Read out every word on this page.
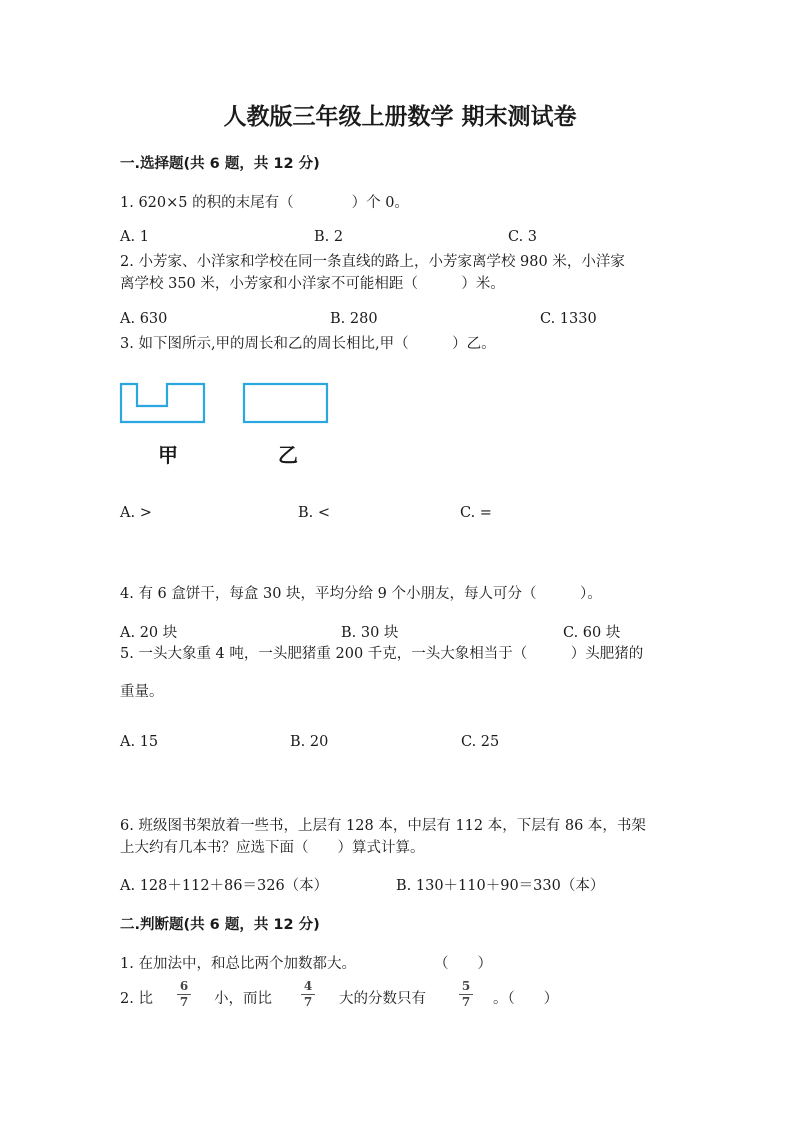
人教版三年级上册数学 期末测试卷
一.选择题(共 6 题，共 12 分)
1. 620×5 的积的末尾有（　　　　）个 0。
A. 1	B. 2	C. 3
2. 小芳家、小洋家和学校在同一条直线的路上，小芳家离学校 980 米，小洋家
离学校 350 米，小芳家和小洋家不可能相距（　　　）米。
A. 630	B. 280	C. 1330
3. 如下图所示,甲的周长和乙的周长相比,甲（　　　）乙。
甲	乙
A. >	B. <	C. =
4. 有 6 盒饼干，每盒 30 块，平均分给 9 个小朋友，每人可分（　　　）。
A. 20 块	B. 30 块	C. 60 块
5. 一头大象重 4 吨，一头肥猪重 200 千克，一头大象相当于（　　　）头肥猪的
重量。
A. 15	B. 20	C. 25
6. 班级图书架放着一些书，上层有 128 本，中层有 112 本，下层有 86 本，书架
上大约有几本书？应选下面（　　）算式计算。
A. 128＋112＋86＝326（本）	B. 130＋110＋90＝330（本）
二.判断题(共 6 题，共 12 分)
1. 在加法中，和总比两个加数都大。	（　　）
2. 比
6
7 小，而比
4
7 大的分数只有
5
7 。（　　）
